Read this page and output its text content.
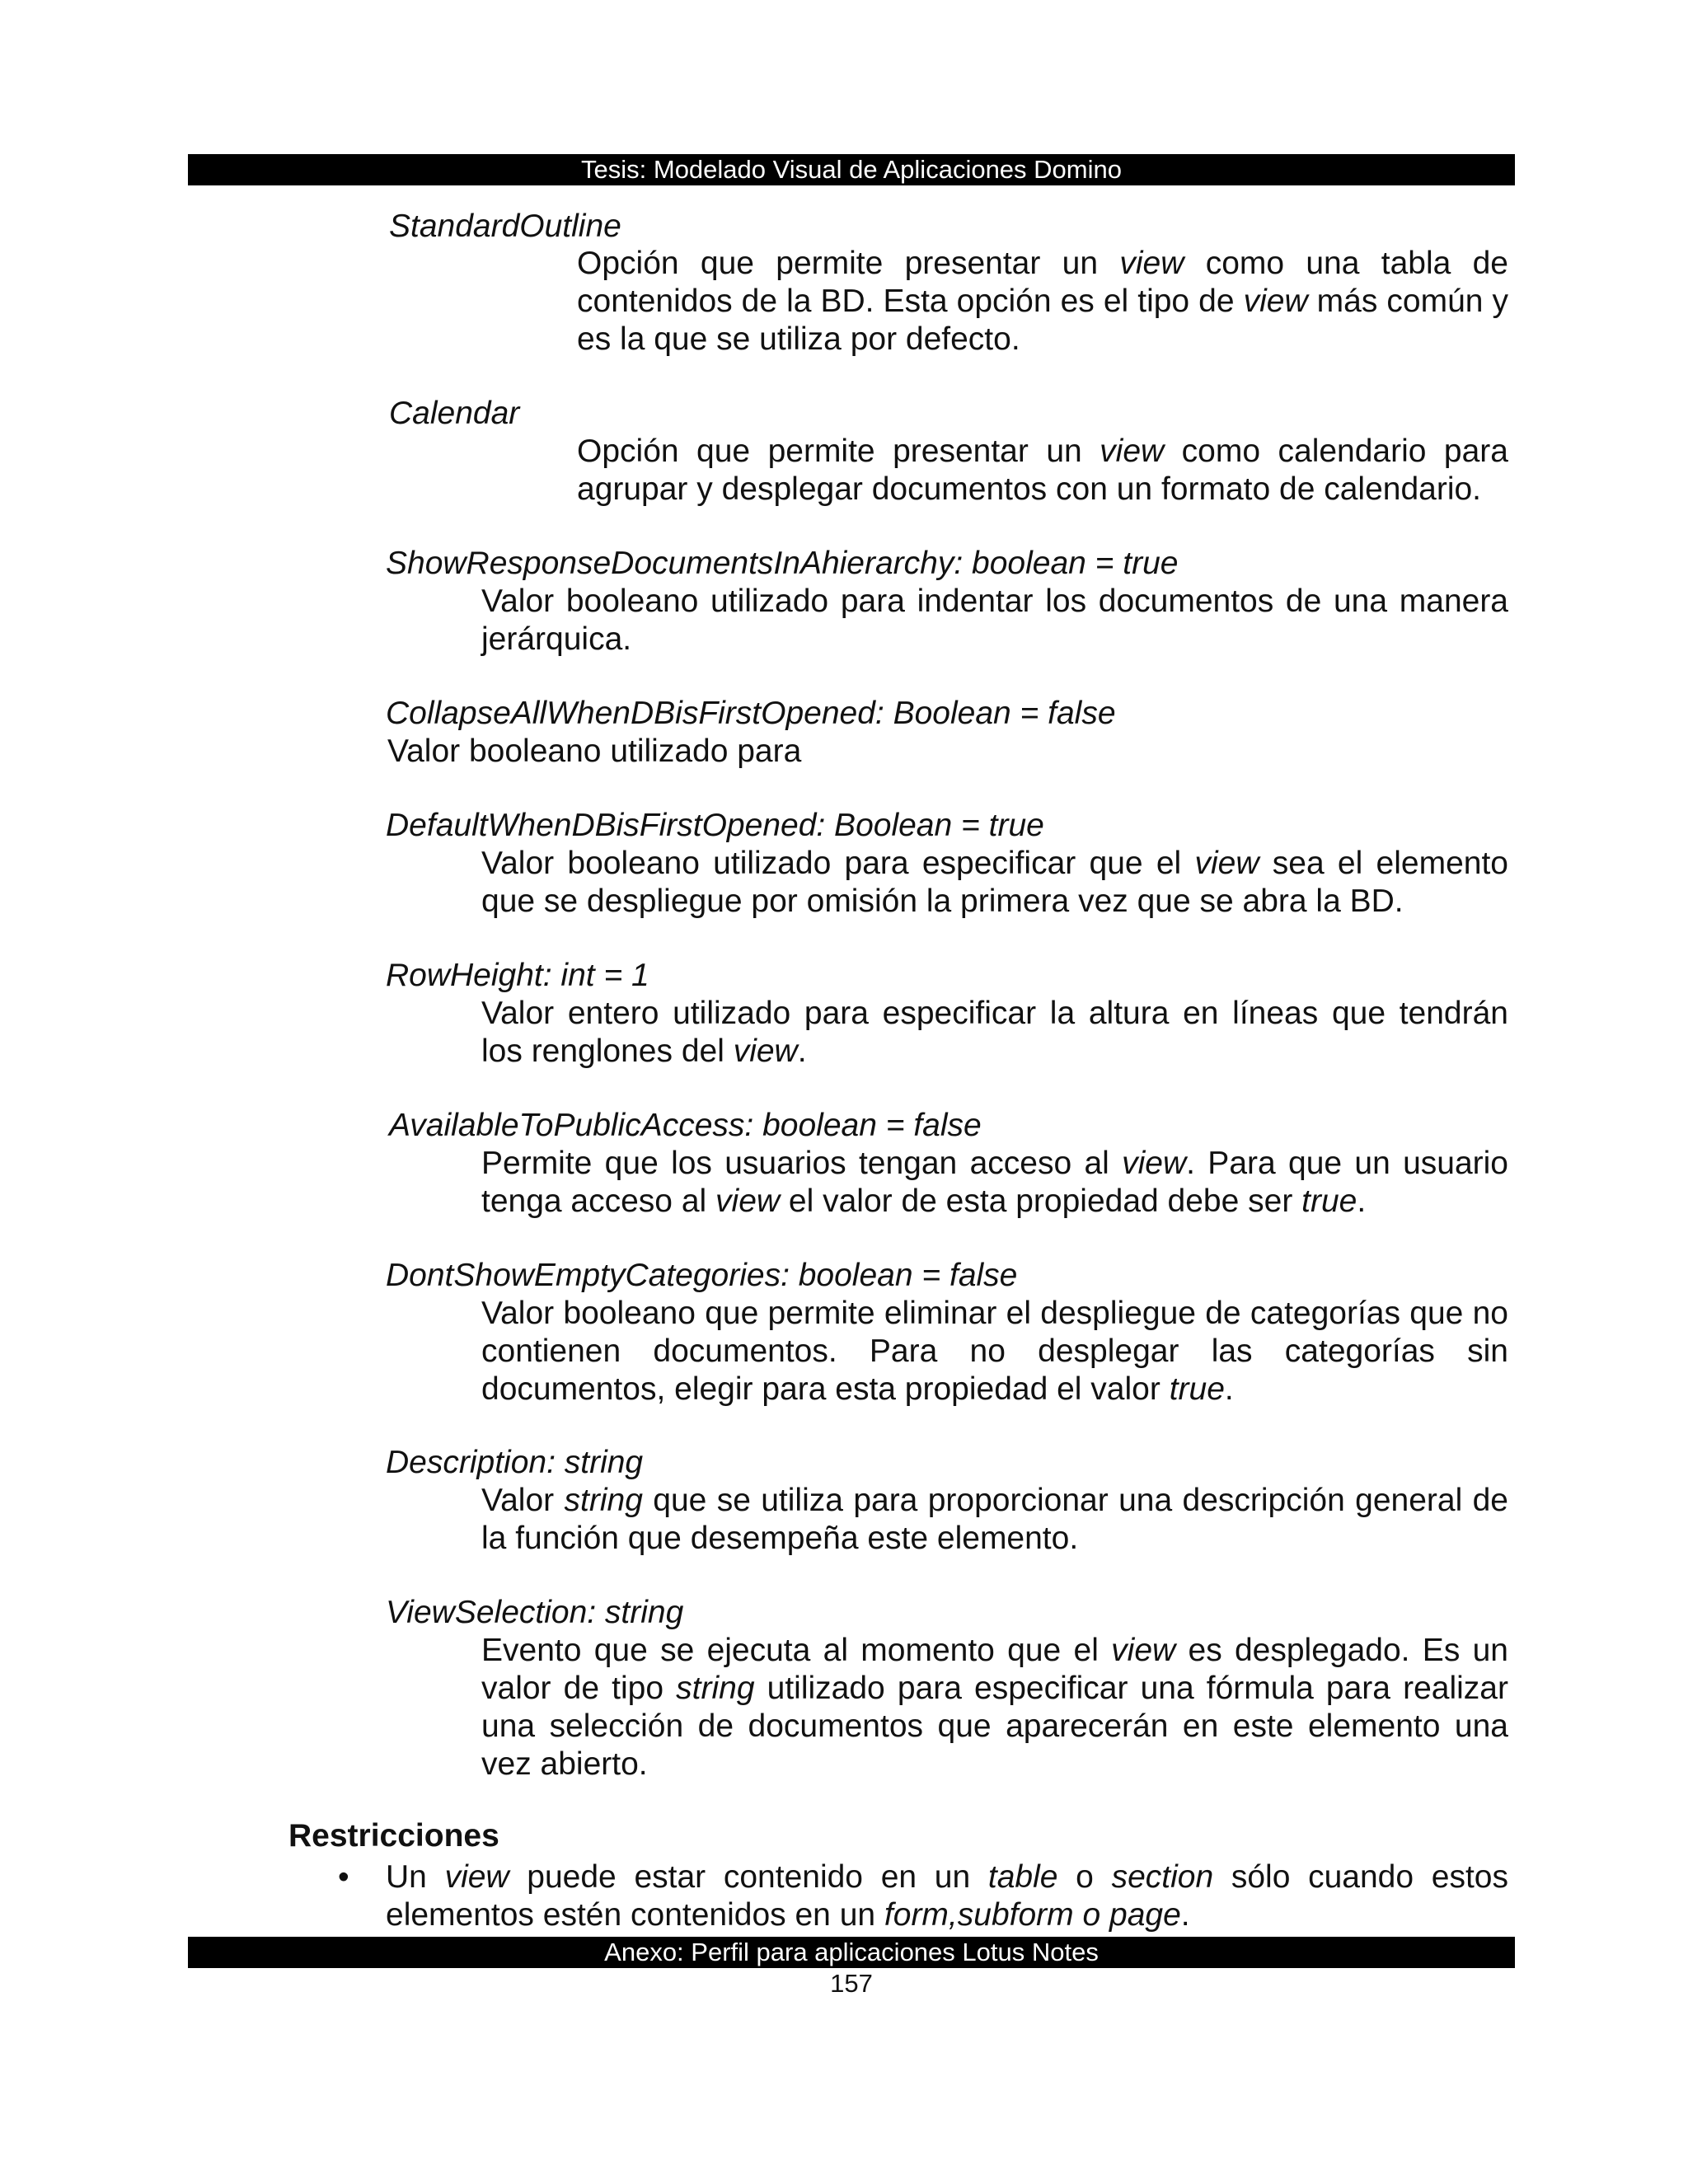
Tesis: Modelado Visual de Aplicaciones Domino
StandardOutline
Opción que permite presentar un view como una tabla de contenidos de la BD. Esta opción es el tipo de view más común y es la que se utiliza por defecto.
Calendar
Opción que permite presentar un view como calendario para agrupar y desplegar documentos con un formato de calendario.
ShowResponseDocumentsInAhierarchy: boolean = true
Valor booleano utilizado para indentar los documentos de una manera jerárquica.
CollapseAllWhenDBisFirstOpened: Boolean = false
Valor booleano utilizado para
DefaultWhenDBisFirstOpened: Boolean = true
Valor booleano utilizado para especificar que el view sea el elemento que se despliegue por omisión la primera vez que se abra la BD.
RowHeight: int = 1
Valor entero utilizado para especificar la altura en líneas que tendrán los renglones del view.
AvailableToPublicAccess: boolean = false
Permite que los usuarios tengan acceso al view. Para que un usuario tenga acceso al view el valor de esta propiedad debe ser true.
DontShowEmptyCategories: boolean = false
Valor booleano que permite eliminar el despliegue de categorías que no contienen documentos. Para no desplegar las categorías sin documentos, elegir para esta propiedad el valor true.
Description: string
Valor string que se utiliza para proporcionar una descripción general de la función que desempeña este elemento.
ViewSelection: string
Evento que se ejecuta al momento que el view es desplegado. Es un valor de tipo string utilizado para especificar una fórmula para realizar una selección de documentos que aparecerán en este elemento una vez abierto.
Restricciones
• Un view puede estar contenido en un table o section sólo cuando estos elementos estén contenidos en un form,subform o page.
Anexo: Perfil para aplicaciones Lotus Notes
157
